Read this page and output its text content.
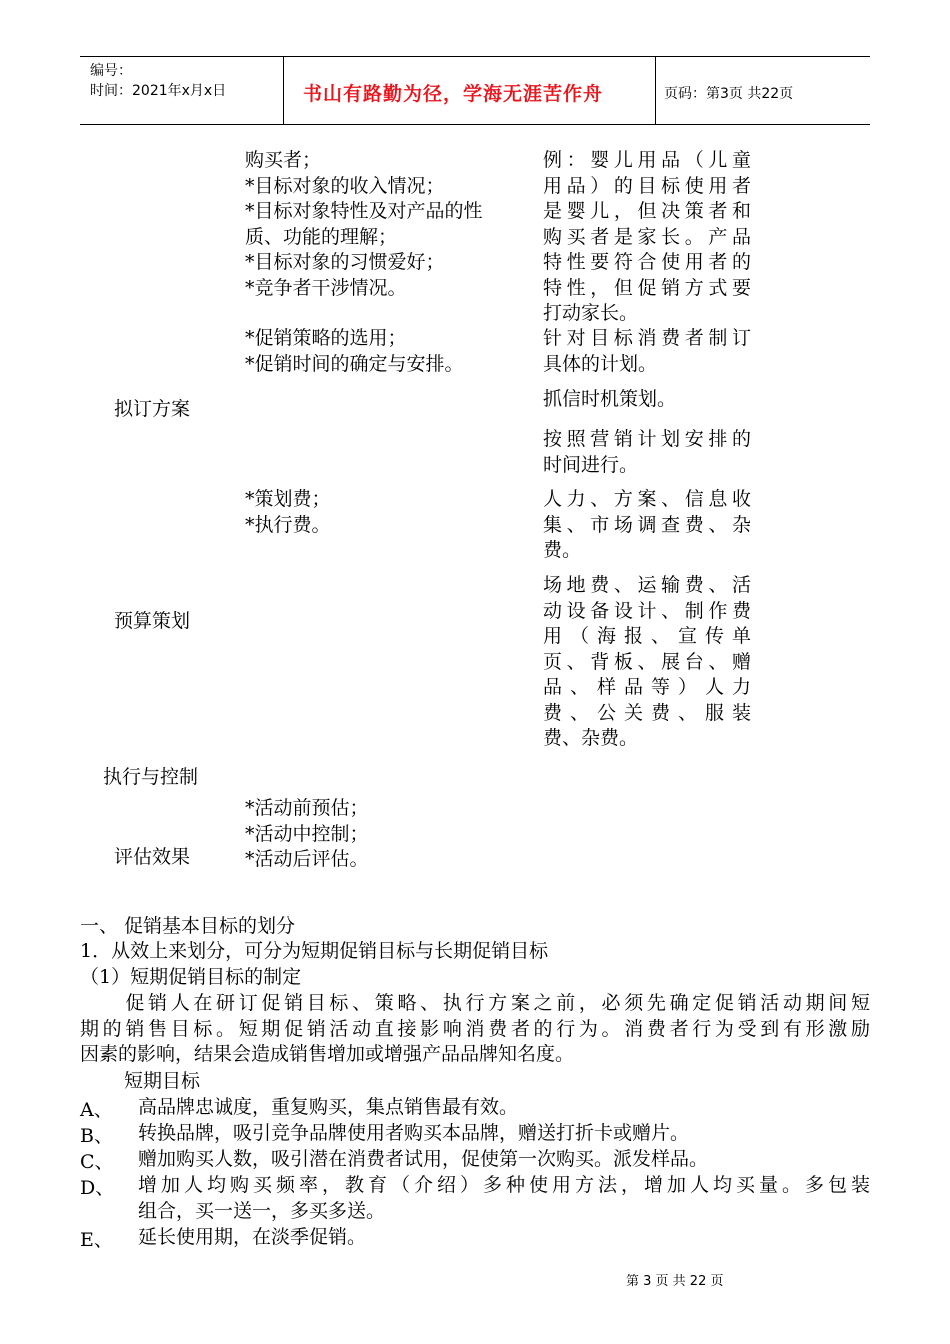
编号：
时间：2021年x月x日	书山有路勤为径，学海无涯苦作舟	页码：第3页 共22页
购买者；
*目标对象的收入情况；
*目标对象特性及对产品的性
质、功能的理解；
*目标对象的习惯爱好；
*竞争者干涉情况。
*促销策略的选用；
*促销时间的确定与安排。
*策划费；
*执行费。
*活动前预估；
*活动中控制；
*活动后评估。
例：婴儿用品（儿童
用品）的目标使用者
是婴儿，但决策者和
购买者是家长。产品
特性要符合使用者的
特性，但促销方式要
打动家长。
针对目标消费者制订
具体的计划。
抓信时机策划。
按照营销计划安排的
时间进行。
人力、方案、信息收
集、市场调查费、杂
费。
场地费、运输费、活
动设备设计、制作费
用（海报、宣传单
页、背板、展台、赠
品、样品等）人力
费、公关费、服装
费、杂费。
拟订方案
预算策划
执行与控制
评估效果
一、 促销基本目标的划分
1．从效上来划分，可分为短期促销目标与长期促销目标
（1）短期促销目标的制定
　　促销人在研订促销目标、策略、执行方案之前，必须先确定促销活动期间短
期的销售目标。短期促销活动直接影响消费者的行为。消费者行为受到有形激励
因素的影响，结果会造成销售增加或增强产品品牌知名度。
短期目标
A、 高品牌忠诚度，重复购买，集点销售最有效。
B、 转换品牌，吸引竞争品牌使用者购买本品牌，赠送打折卡或赠片。
C、 赠加购买人数，吸引潜在消费者试用，促使第一次购买。派发样品。
D、 增加人均购买频率，教育（介绍）多种使用方法，增加人均买量。多包装
组合，买一送一，多买多送。
E、 延长使用期，在淡季促销。
第 3 页 共 22 页
